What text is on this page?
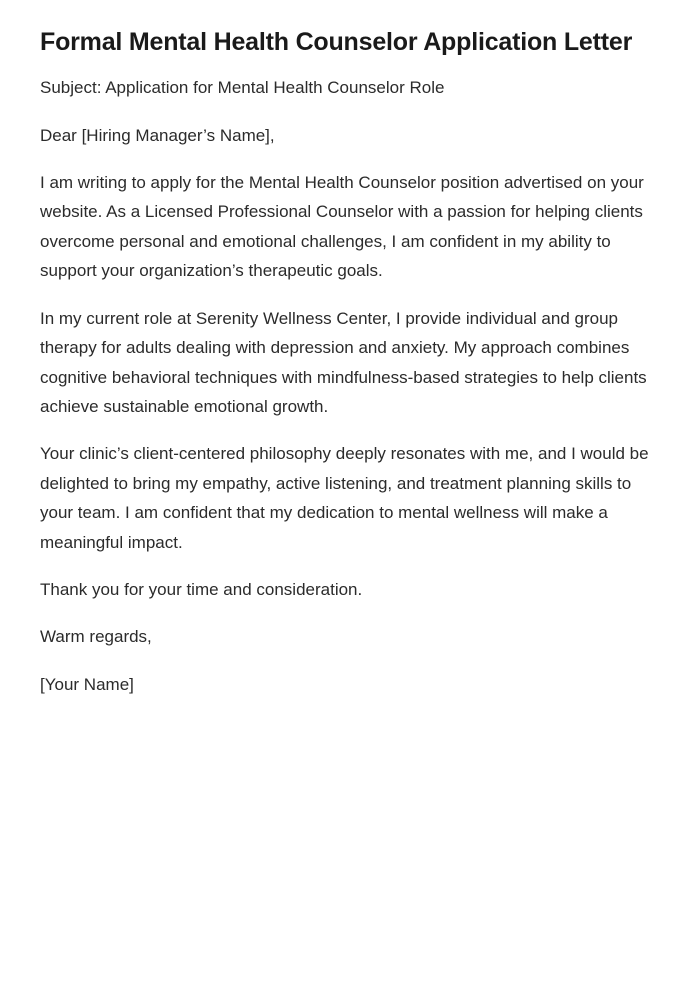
Formal Mental Health Counselor Application Letter

Subject: Application for Mental Health Counselor Role

Dear [Hiring Manager’s Name],

I am writing to apply for the Mental Health Counselor position advertised on your website. As a Licensed Professional Counselor with a passion for helping clients overcome personal and emotional challenges, I am confident in my ability to support your organization’s therapeutic goals.

In my current role at Serenity Wellness Center, I provide individual and group therapy for adults dealing with depression and anxiety. My approach combines cognitive behavioral techniques with mindfulness-based strategies to help clients achieve sustainable emotional growth.

Your clinic’s client-centered philosophy deeply resonates with me, and I would be delighted to bring my empathy, active listening, and treatment planning skills to your team. I am confident that my dedication to mental wellness will make a meaningful impact.

Thank you for your time and consideration.

Warm regards,

[Your Name]
